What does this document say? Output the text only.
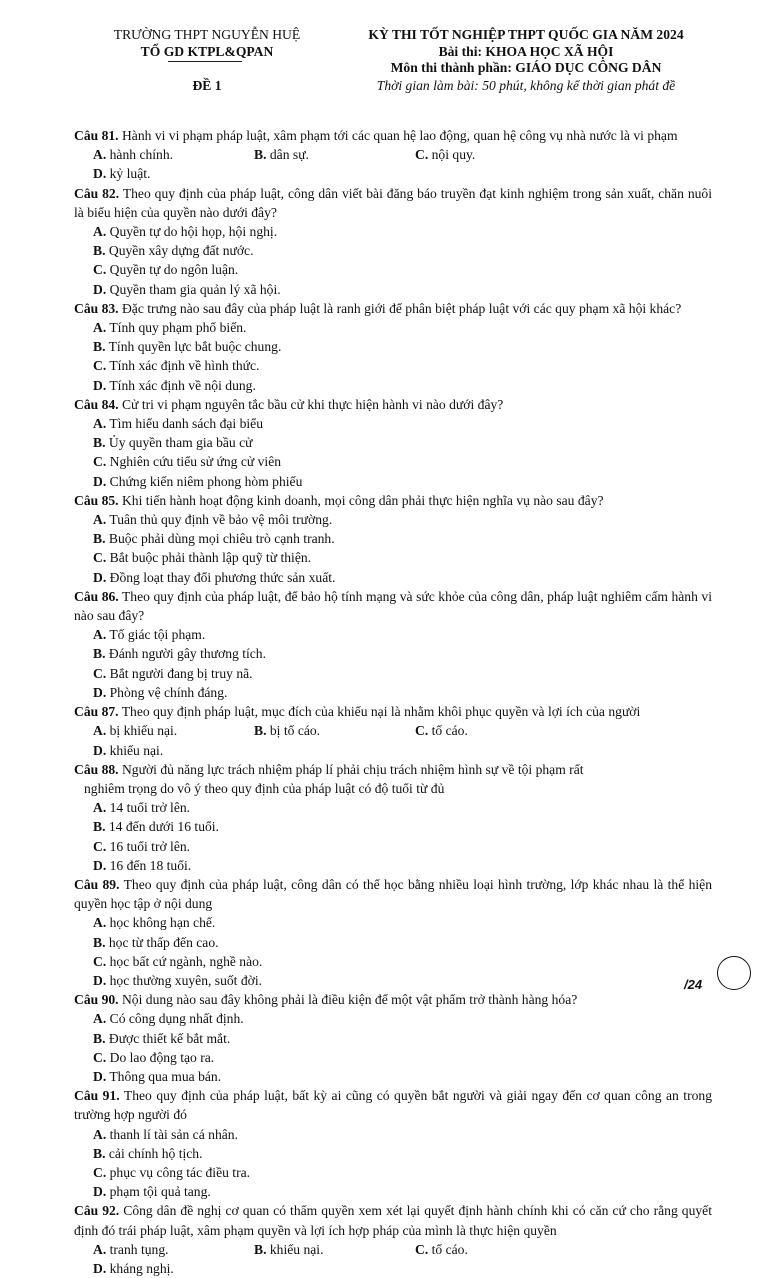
TRƯỜNG THPT NGUYỄN HUỆ
TỔ GD KTPL&QPAN
ĐỀ 1
KỲ THI TỐT NGHIỆP THPT QUỐC GIA NĂM 2024
Bài thi: KHOA HỌC XÃ HỘI
Môn thi thành phần: GIÁO DỤC CÔNG DÂN
Thời gian làm bài: 50 phút, không kể thời gian phát đề

Câu 81. Hành vi vi phạm pháp luật, xâm phạm tới các quan hệ lao động, quan hệ công vụ nhà nước là vi phạm

A. hành chính.	B. dân sự.	C. nội quy.
D. kỷ luật.

Câu 82. Theo quy định của pháp luật, công dân viết bài đăng báo truyền đạt kinh nghiệm trong sản xuất, chăn nuôi là biểu hiện của quyền nào dưới đây?

A. Quyền tự do hội họp, hội nghị.
B. Quyền xây dựng đất nước.
C. Quyền tự do ngôn luận.
D. Quyền tham gia quản lý xã hội.

Câu 83. Đặc trưng nào sau đây của pháp luật là ranh giới để phân biệt pháp luật với các quy phạm xã hội khác?

A. Tính quy phạm phổ biến.
B. Tính quyền lực bắt buộc chung.
C. Tính xác định về hình thức.
D. Tính xác định về nội dung.

Câu 84. Cử tri vi phạm nguyên tắc bầu cử khi thực hiện hành vi nào dưới đây?

A. Tìm hiểu danh sách đại biểu
B. Ủy quyền tham gia bầu cử
C. Nghiên cứu tiểu sử ứng cử viên
D. Chứng kiến niêm phong hòm phiếu

Câu 85. Khi tiến hành hoạt động kinh doanh, mọi công dân phải thực hiện nghĩa vụ nào sau đây?

A. Tuân thủ quy định về bảo vệ môi trường.
B. Buộc phải dùng mọi chiêu trò cạnh tranh.
C. Bắt buộc phải thành lập quỹ từ thiện.
D. Đồng loạt thay đổi phương thức sản xuất.

Câu 86. Theo quy định của pháp luật, để bảo hộ tính mạng và sức khỏe của công dân, pháp luật nghiêm cấm hành vi nào sau đây?

A. Tố giác tội phạm.
B. Đánh người gây thương tích.
C. Bắt người đang bị truy nã.
D. Phòng vệ chính đáng.

Câu 87. Theo quy định pháp luật, mục đích của khiếu nại là nhằm khôi phục quyền và lợi ích của người

A. bị khiếu nại.	B. bị tố cáo.	C. tố cáo.
D. khiếu nại.

Câu 88. Người đủ năng lực trách nhiệm pháp lí phải chịu trách nhiệm hình sự về tội phạm rất
nghiêm trọng do vô ý theo quy định của pháp luật có độ tuổi từ đủ

A. 14 tuổi trở lên.
B. 14 đến dưới 16 tuổi.
C. 16 tuổi trở lên.
D. 16 đến 18 tuổi.

Câu 89. Theo quy định của pháp luật, công dân có thể học bằng nhiều loại hình trường, lớp khác nhau là thể hiện quyền học tập ở nội dung

A. học không hạn chế.
B. học từ thấp đến cao.
C. học bất cứ ngành, nghề nào.
D. học thường xuyên, suốt đời.

Câu 90. Nội dung nào sau đây không phải là điều kiện để một vật phẩm trở thành hàng hóa?

A. Có công dụng nhất định.
B. Được thiết kế bắt mắt.
C. Do lao động tạo ra.
D. Thông qua mua bán.

Câu 91. Theo quy định của pháp luật, bất kỳ ai cũng có quyền bắt người và giải ngay đến cơ quan công an trong trường hợp người đó

A. thanh lí tài sản cá nhân.
B. cải chính hộ tịch.
C. phục vụ công tác điều tra.
D. phạm tội quả tang.

Câu 92. Công dân đề nghị cơ quan có thẩm quyền xem xét lại quyết định hành chính khi có căn cứ cho rằng quyết định đó trái pháp luật, xâm phạm quyền và lợi ích hợp pháp của mình là thực hiện quyền

A. tranh tụng.	B. khiếu nại.	C. tố cáo.
D. kháng nghị.
/24
